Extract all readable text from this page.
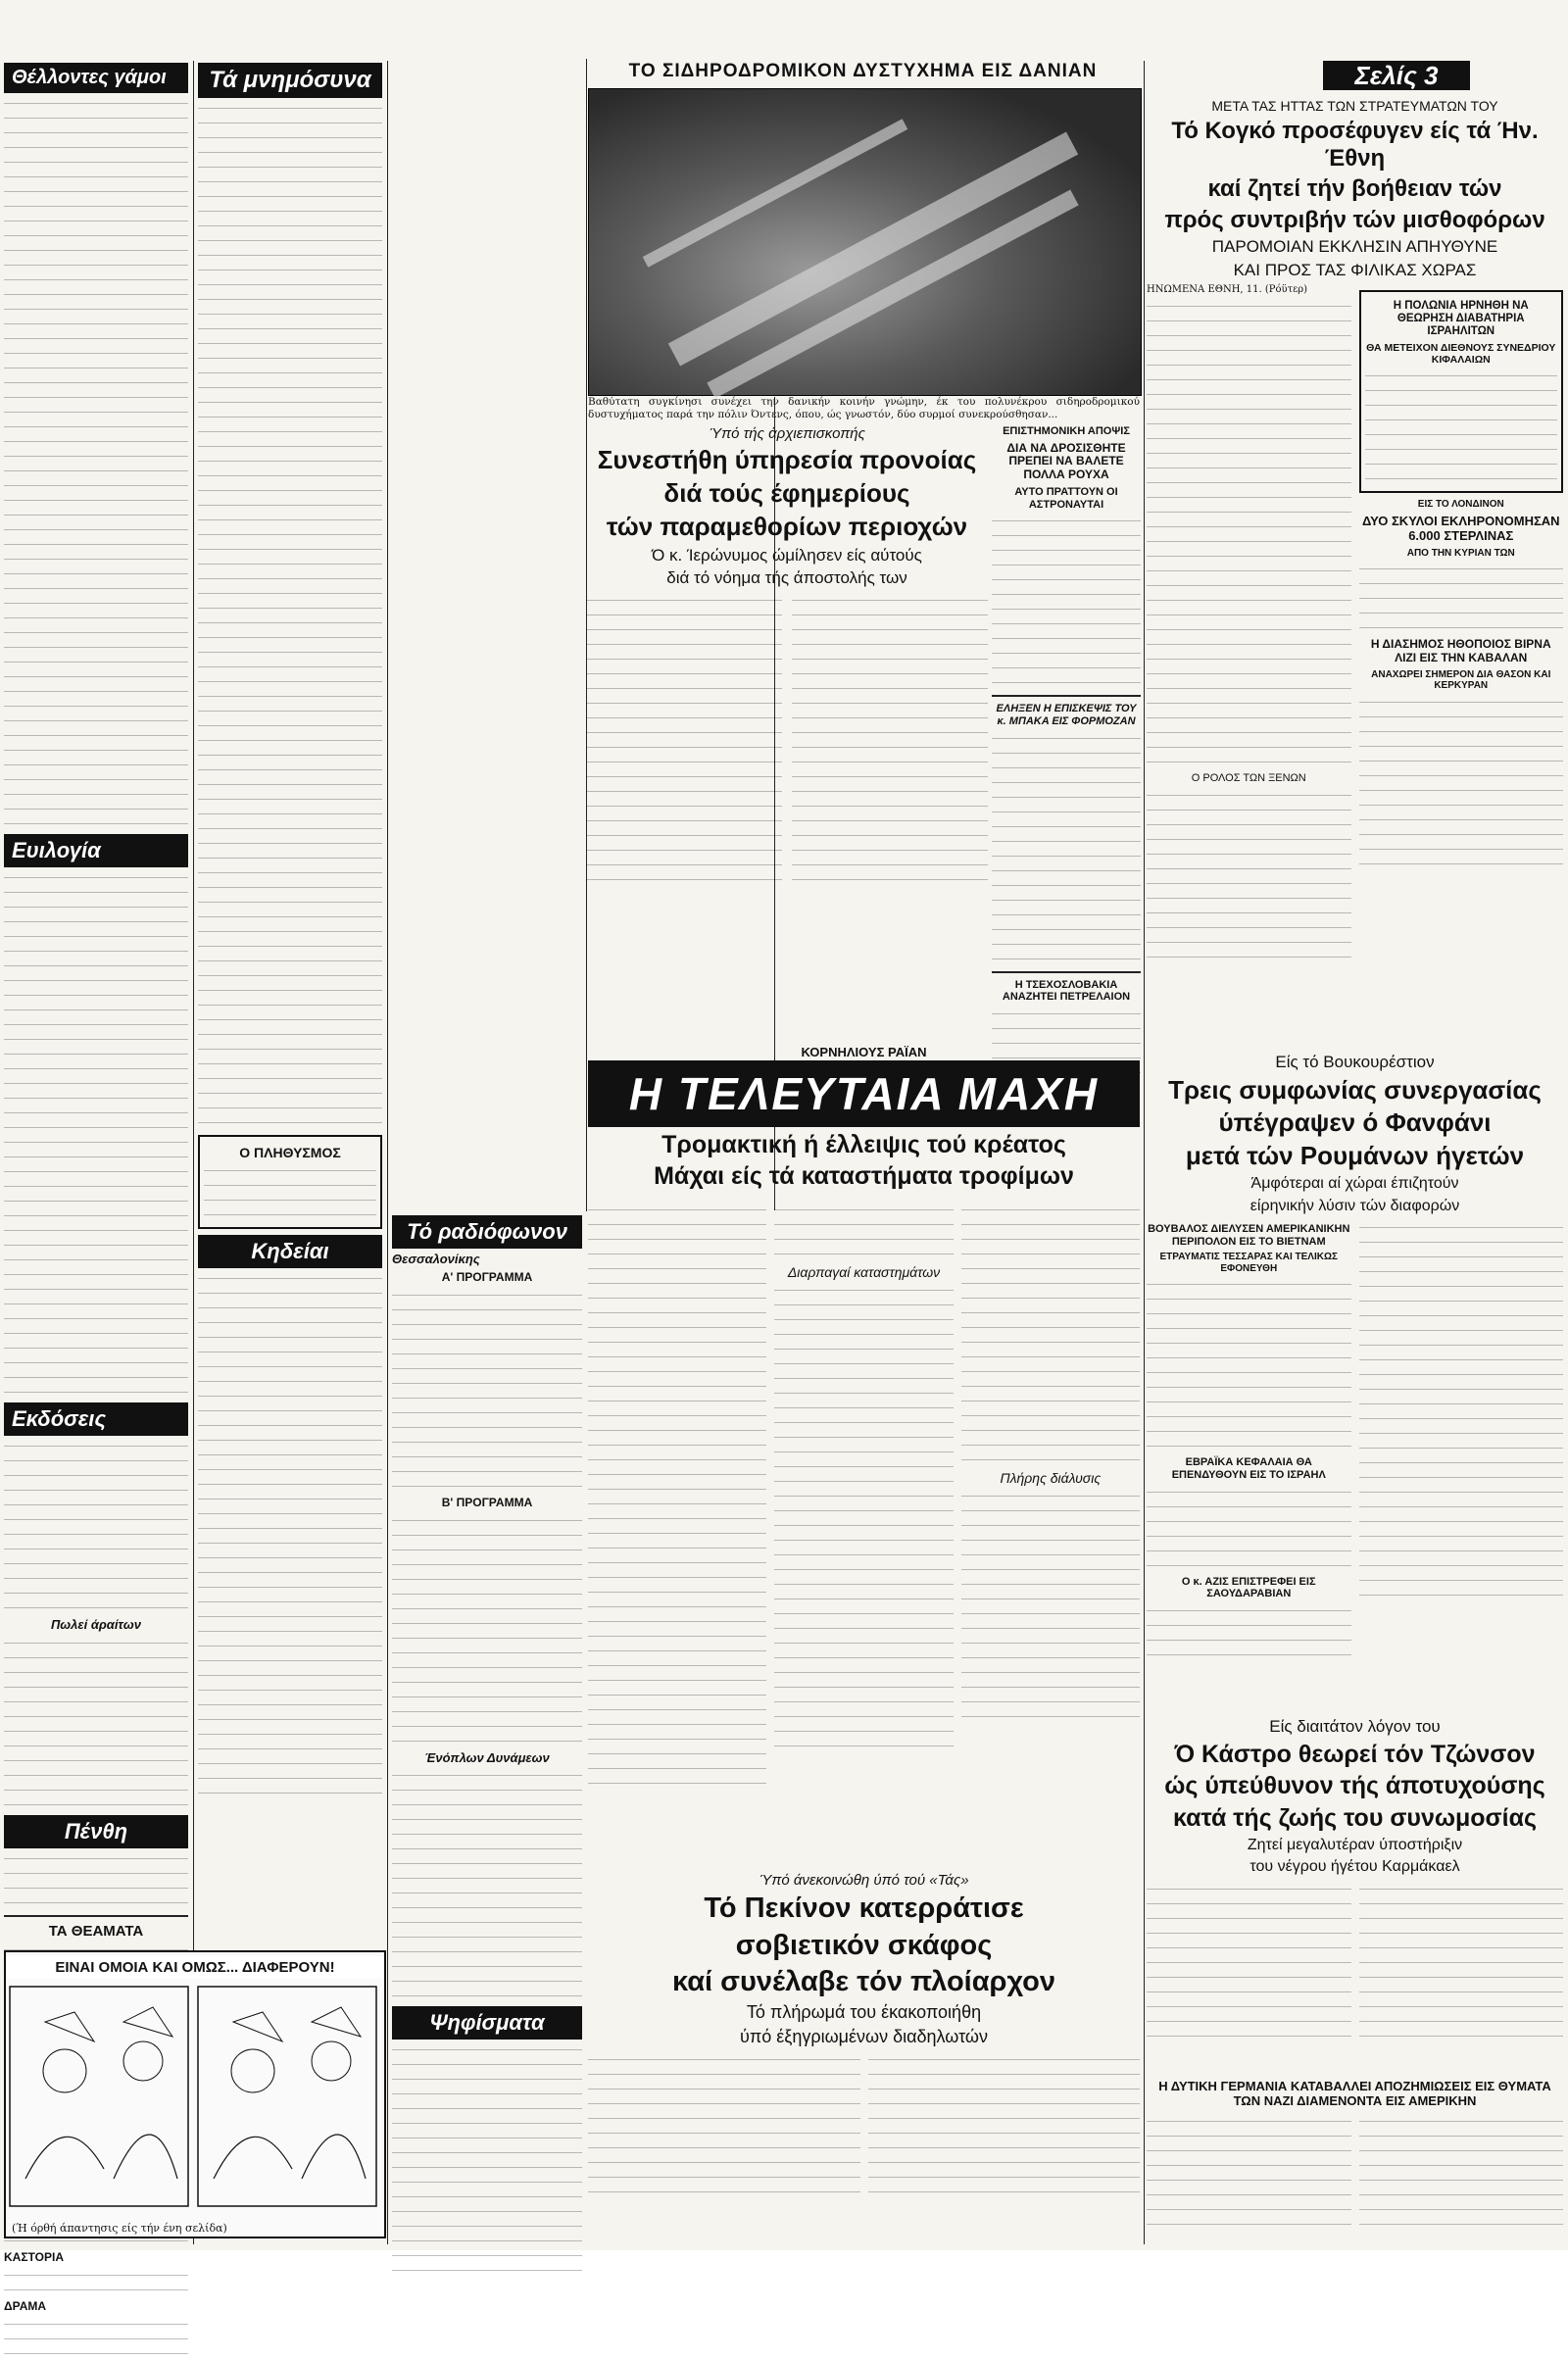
Θέλλοντες γάμοι
Ευιλογία
Εκδόσεις
Πωλεί άραίτων
Πένθη
ΤΑ ΘΕΑΜΑΤΑ
ΚΑΣΤΟΡΙΑ
ΔΡΑΜΑ
ΕΙΝΑΙ ΟΜΟΙΑ ΚΑΙ ΟΜΩΣ... ΔΙΑΦΕΡΟΥΝ!
(Ή όρθή άπαντησις είς τήν ένη σελίδα)
Τά μνημόσυνα
Ο ΠΛΗΘΥΣΜΟΣ
Κηδείαι
Τό ραδιόφωνον
Θεσσαλονίκης
Α' ΠΡΟΓΡΑΜΜΑ
Β' ΠΡΟΓΡΑΜΜΑ
Ένόπλων Δυνάμεων
Ψηφίσματα
ΤΟ ΣΙΔΗΡΟΔΡΟΜΙΚΟΝ ΔΥΣΤΥΧΗΜΑ ΕΙΣ ΔΑΝΙΑΝ
Βαθύτατη συγκίνησι συνέχει την δανικήν κοινήν γνώμην, έκ του πολυνέκρου σιδηροδρομικού δυστυχήματος παρά την πόλιν Όντενς, όπου, ώς γνωστόν, δύο συρμοί συνεκρούσθησαν...
Ύπό τής άρχιεπισκοπής
Συνεστήθη ύπηρεσία προνοίας
διά τούς έφημερίους
τών παραμεθορίων περιοχών
Ό κ. Ίερώνυμος ώμίλησεν είς αύτούς
διά τό νόημα τής άποστολής των
ΕΠΙΣΤΗΜΟΝΙΚΗ ΑΠΟΨΙΣ
ΔΙΑ ΝΑ ΔΡΟΣΙΣΘΗΤΕ ΠΡΕΠΕΙ ΝΑ ΒΑΛΕΤΕ ΠΟΛΛΑ ΡΟΥΧΑ
ΑΥΤΟ ΠΡΑΤΤΟΥΝ ΟΙ ΑΣΤΡΟΝΑΥΤΑΙ
ΕΛΗΞΕΝ Η ΕΠΙΣΚΕΨΙΣ ΤΟΥ κ. ΜΠΑΚΑ ΕΙΣ ΦΟΡΜΟΖΑΝ
Η ΤΣΕΧΟΣΛΟΒΑΚΙΑ ΑΝΑΖΗΤΕΙ ΠΕΤΡΕΛΑΙΟΝ
ΚΟΡΝΗΛΙΟΥΣ ΡΑΪΑΝ
Η ΤΕΛΕΥΤΑΙΑ ΜΑΧΗ
Τρομακτική ή έλλειψις τού κρέατος
Μάχαι είς τά καταστήματα τροφίμων
Διαρπαγαί καταστημάτων
Πλήρης διάλυσις
Ύπό άνεκοινώθη ύπό τού «Τάς»
Τό Πεκίνον κατερράτισε
σοβιετικόν σκάφος
καί συνέλαβε τόν πλοίαρχον
Τό πλήρωμά του έκακοποιήθη
ύπό έξηγριωμένων διαδηλωτών
Σελίς 3
ΜΕΤΑ ΤΑΣ ΗΤΤΑΣ ΤΩΝ ΣΤΡΑΤΕΥΜΑΤΩΝ ΤΟΥ
Τό Κογκό προσέφυγεν είς τά Ήν. Έθνη
καί ζητεί τήν βοήθειαν τών
πρός συντριβήν τών μισθοφόρων
ΠΑΡΟΜΟΙΑΝ ΕΚΚΛΗΣΙΝ ΑΠΗΥΘΥΝΕ
ΚΑΙ ΠΡΟΣ ΤΑΣ ΦΙΛΙΚΑΣ ΧΩΡΑΣ
ΗΝΩΜΕΝΑ ΕΘΝΗ, 11. (Ρόϋτερ)
Ο ΡΟΛΟΣ ΤΩΝ ΞΕΝΩΝ
Η ΠΟΛΩΝΙΑ ΗΡΝΗΘΗ ΝΑ ΘΕΩΡΗΣΗ ΔΙΑΒΑΤΗΡΙΑ ΙΣΡΑΗΛΙΤΩΝ
ΘΑ ΜΕΤΕΙΧΟΝ ΔΙΕΘΝΟΥΣ ΣΥΝΕΔΡΙΟΥ ΚΙΦΑΛΑΙΩΝ
ΕΙΣ ΤΟ ΛΟΝΔΙΝΟΝ
ΔΥΟ ΣΚΥΛΟΙ ΕΚΛΗΡΟΝΟΜΗΣΑΝ 6.000 ΣΤΕΡΛΙΝΑΣ
ΑΠΟ ΤΗΝ ΚΥΡΙΑΝ ΤΩΝ
Η ΔΙΑΣΗΜΟΣ ΗΘΟΠΟΙΟΣ ΒΙΡΝΑ ΛΙΖΙ ΕΙΣ ΤΗΝ ΚΑΒΑΛΑΝ
ΑΝΑΧΩΡΕΙ ΣΗΜΕΡΟΝ ΔΙΑ ΘΑΣΟΝ ΚΑΙ ΚΕΡΚΥΡΑΝ
Είς τό Βουκουρέστιον
Τρεις συμφωνίας συνεργασίας
ύπέγραψεν ό Φανφάνι
μετά τών Ρουμάνων ήγετών
Άμφότεραι αί χώραι έπιζητούν
είρηνικήν λύσιν τών διαφορών
ΒΟΥΒΑΛΟΣ ΔΙΕΛΥΣΕΝ ΑΜΕΡΙΚΑΝΙΚΗΝ ΠΕΡΙΠΟΛΟΝ ΕΙΣ ΤΟ ΒΙΕΤΝΑΜ
ΕΤΡΑΥΜΑΤΙΣ ΤΕΣΣΑΡΑΣ ΚΑΙ ΤΕΛΙΚΩΣ ΕΦΟΝΕΥΘΗ
ΕΒΡΑΪΚΑ ΚΕΦΑΛΑΙΑ ΘΑ ΕΠΕΝΔΥΘΟΥΝ ΕΙΣ ΤΟ ΙΣΡΑΗΛ
Ο κ. ΑΖΙΣ ΕΠΙΣΤΡΕΦΕΙ ΕΙΣ ΣΑΟΥΔΑΡΑΒΙΑΝ
Είς διαιτάτον λόγον του
Ό Κάστρο θεωρεί τόν Τζώνσον
ώς ύπεύθυνον τής άποτυχούσης
κατά τής ζωής του συνωμοσίας
Ζητεί μεγαλυτέραν ύποστήριξιν
του νέγρου ήγέτου Καρμάκαελ
Η ΔΥΤΙΚΗ ΓΕΡΜΑΝΙΑ ΚΑΤΑΒΑΛΛΕΙ ΑΠΟΖΗΜΙΩΣΕΙΣ ΕΙΣ ΘΥΜΑΤΑ ΤΩΝ ΝΑΖΙ ΔΙΑΜΕΝΟΝΤΑ ΕΙΣ ΑΜΕΡΙΚΗΝ
